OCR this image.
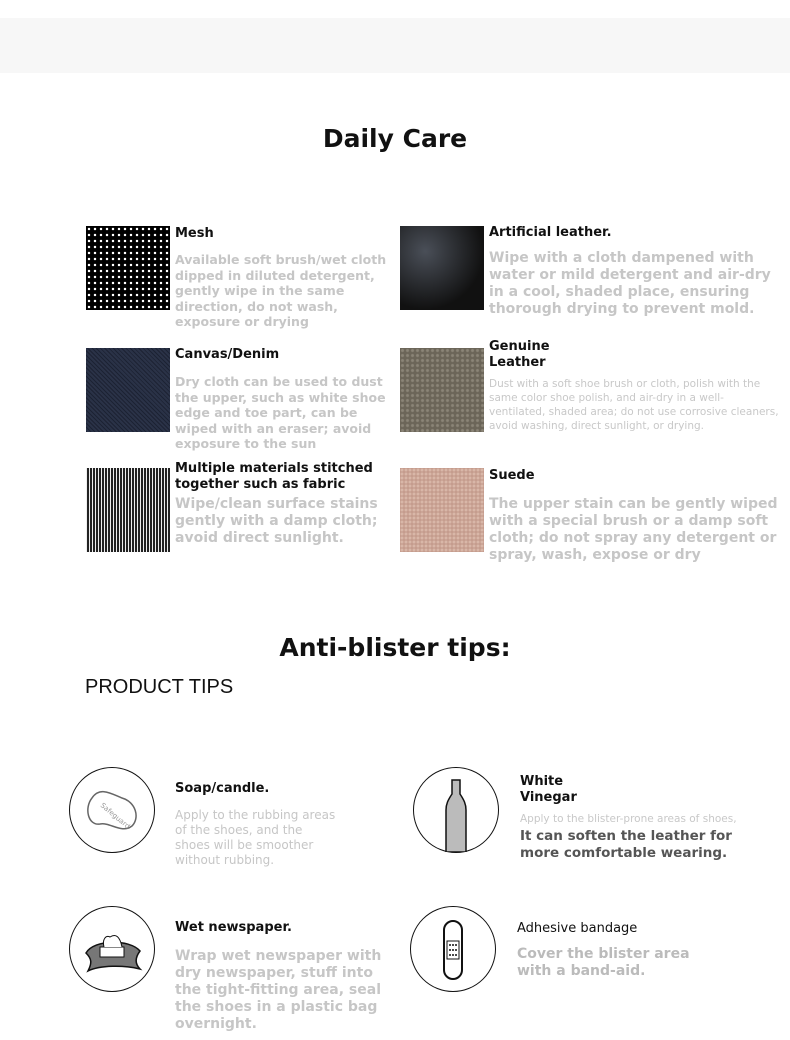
Daily Care
Mesh
Available soft brush/wet cloth dipped in diluted detergent, gently wipe in the same direction, do not wash, exposure or drying
Canvas/Denim
Dry cloth can be used to dust the upper, such as white shoe edge and toe part, can be wiped with an eraser; avoid exposure to the sun
Multiple materials stitched together such as fabric
Wipe/clean surface stains gently with a damp cloth; avoid direct sunlight.
Artificial leather.
Wipe with a cloth dampened with water or mild detergent and air-dry in a cool, shaded place, ensuring thorough drying to prevent mold.
Genuine Leather
Dust with a soft shoe brush or cloth, polish with the same color shoe polish, and air-dry in a well-ventilated, shaded area; do not use corrosive cleaners, avoid washing, direct sunlight, or drying.
Suede
The upper stain can be gently wiped with a special brush or a damp soft cloth; do not spray any detergent or spray, wash, expose or dry
Anti-blister tips:
PRODUCT TIPS
Safeguard
Soap/candle.
Apply to the rubbing areas of the shoes, and the shoes will be smoother without rubbing.
White Vinegar
Apply to the blister-prone areas of shoes,
It can soften the leather for more comfortable wearing.
Wet newspaper.
Wrap wet newspaper with dry newspaper, stuff into the tight-fitting area, seal the shoes in a plastic bag overnight.
Adhesive bandage
Cover the blister area with a band-aid.
